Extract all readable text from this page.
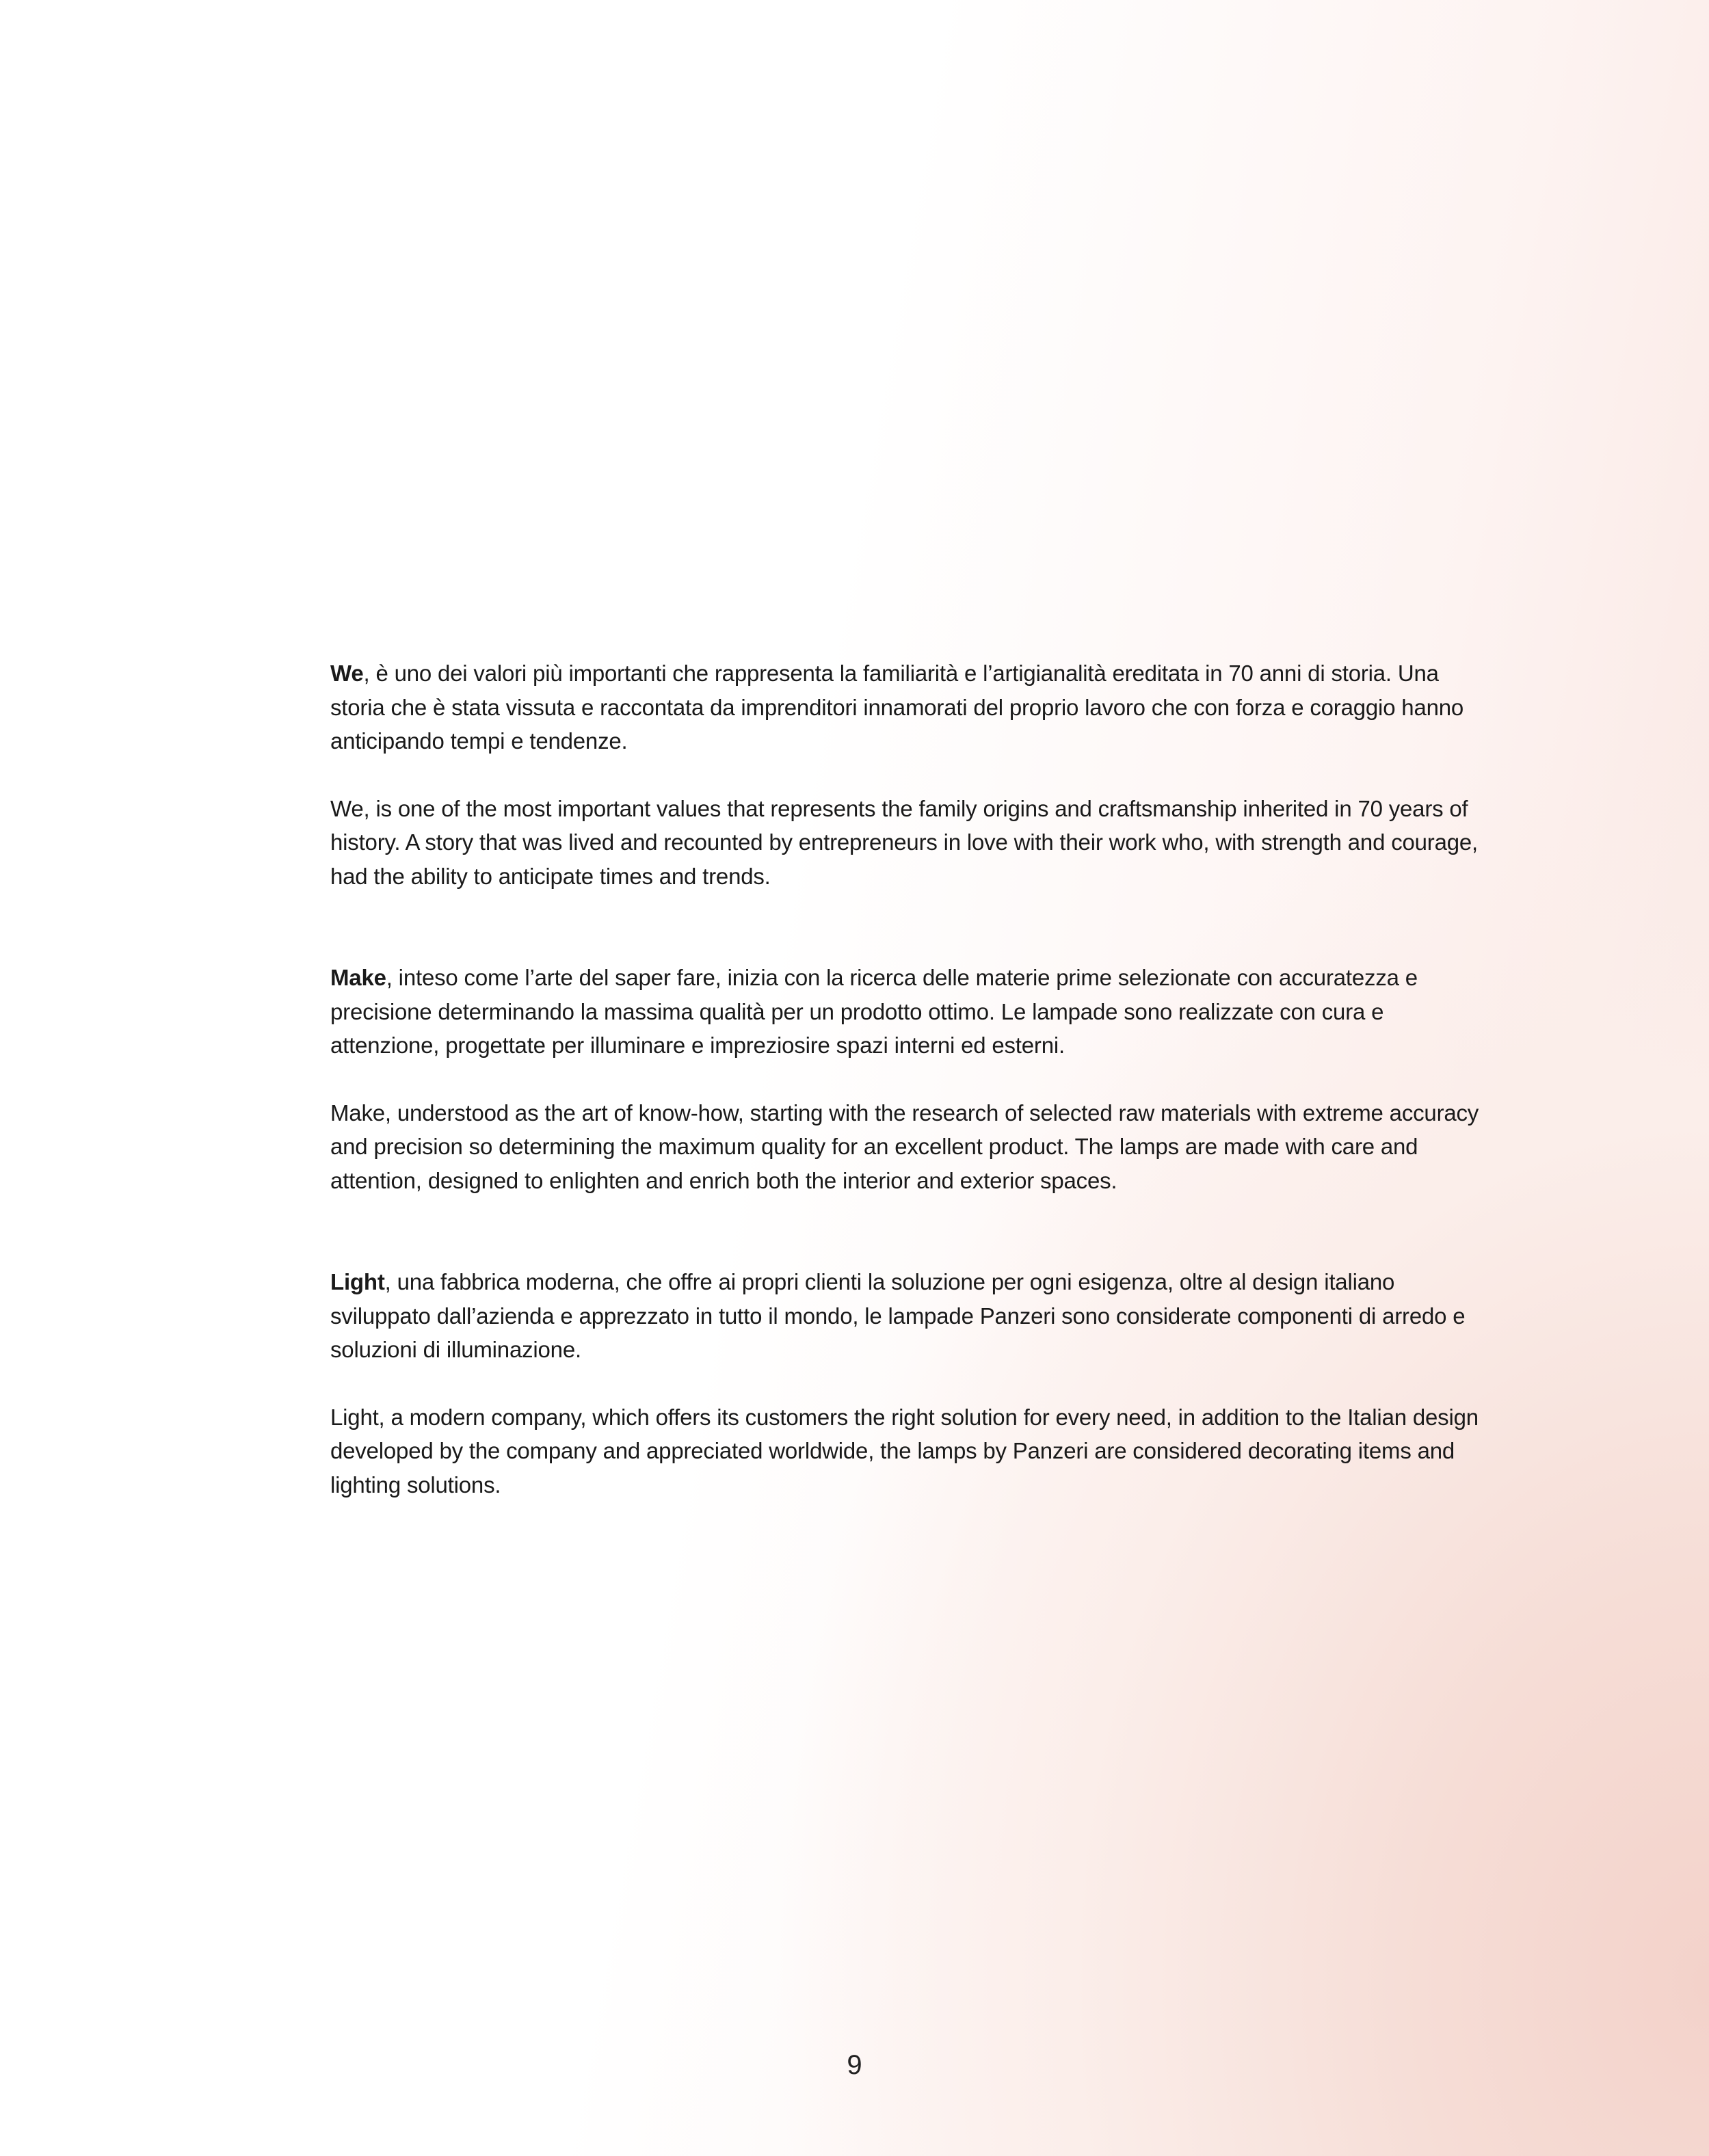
We, è uno dei valori più importanti che rappresenta la familiarità e l’artigianalità ereditata in 70 anni di storia. Una storia che è stata vissuta e raccontata da imprenditori innamorati del proprio lavoro che con forza e coraggio hanno anticipando tempi e tendenze.

We, is one of the most important values that represents the family origins and craftsmanship inherited in 70 years of history. A story that was lived and recounted by entrepreneurs in love with their work who, with strength and courage, had the ability to anticipate times and trends.

Make, inteso come l’arte del saper fare, inizia con la ricerca delle materie prime selezionate con accuratezza e precisione determinando la massima qualità per un prodotto ottimo. Le lampade sono realizzate con cura e attenzione, progettate per illuminare e impreziosire spazi interni ed esterni.

Make, understood as the art of know-how, starting with the research of selected raw materials with extreme accuracy and precision so determining the maximum quality for an excellent product. The lamps are made with care and attention, designed to enlighten and enrich both the interior and exterior spaces.

Light, una fabbrica moderna, che offre ai propri clienti la soluzione per ogni esigenza, oltre al design italiano sviluppato dall’azienda e apprezzato in tutto il mondo, le lampade Panzeri sono considerate componenti di arredo e soluzioni di illuminazione.

Light, a modern company, which offers its customers the right solution for every need, in addition to the Italian design developed by the company and appreciated worldwide, the lamps by Panzeri are considered decorating items and lighting solutions.

9
